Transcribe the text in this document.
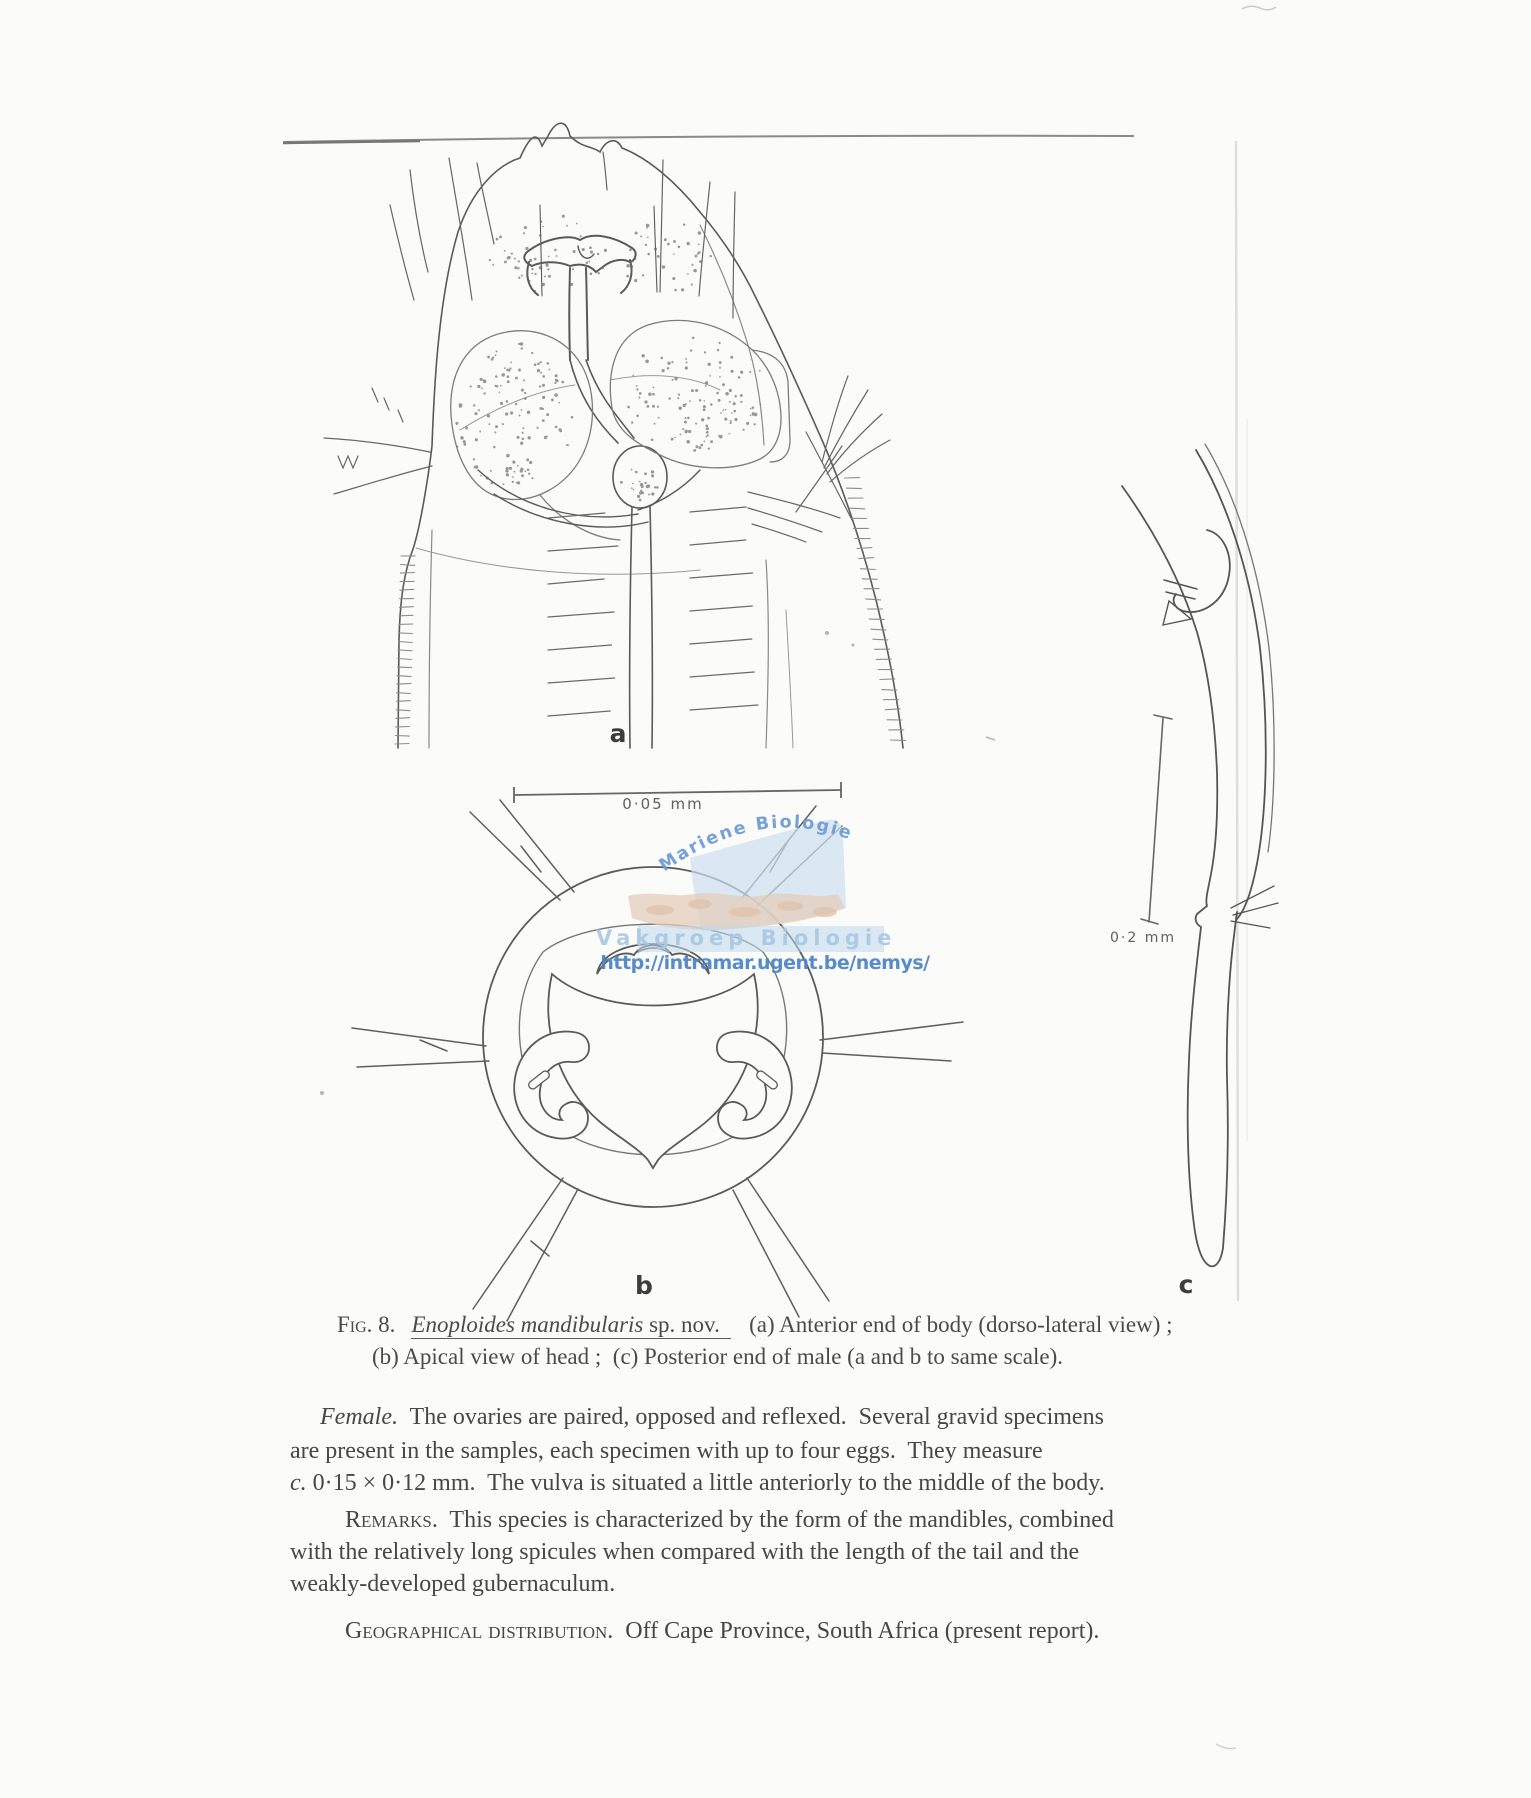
Mariene Biologie
Vakgroep Biologie
http://intramar.ugent.be/nemys/
a
b	c
0·05 mm
0·2 mm
Fig. 8. Enoploides mandibularis sp. nov.   (a) Anterior end of body (dorso-lateral view) ;
(b) Apical view of head ;  (c) Posterior end of male (a and b to same scale).
Female.  The ovaries are paired, opposed and reflexed.  Several gravid specimens
are present in the samples, each specimen with up to four eggs.  They measure
c. 0·15 × 0·12 mm.  The vulva is situated a little anteriorly to the middle of the body.
Remarks.  This species is characterized by the form of the mandibles, combined
with the relatively long spicules when compared with the length of the tail and the
weakly-developed gubernaculum.
Geographical distribution.  Off Cape Province, South Africa (present report).
